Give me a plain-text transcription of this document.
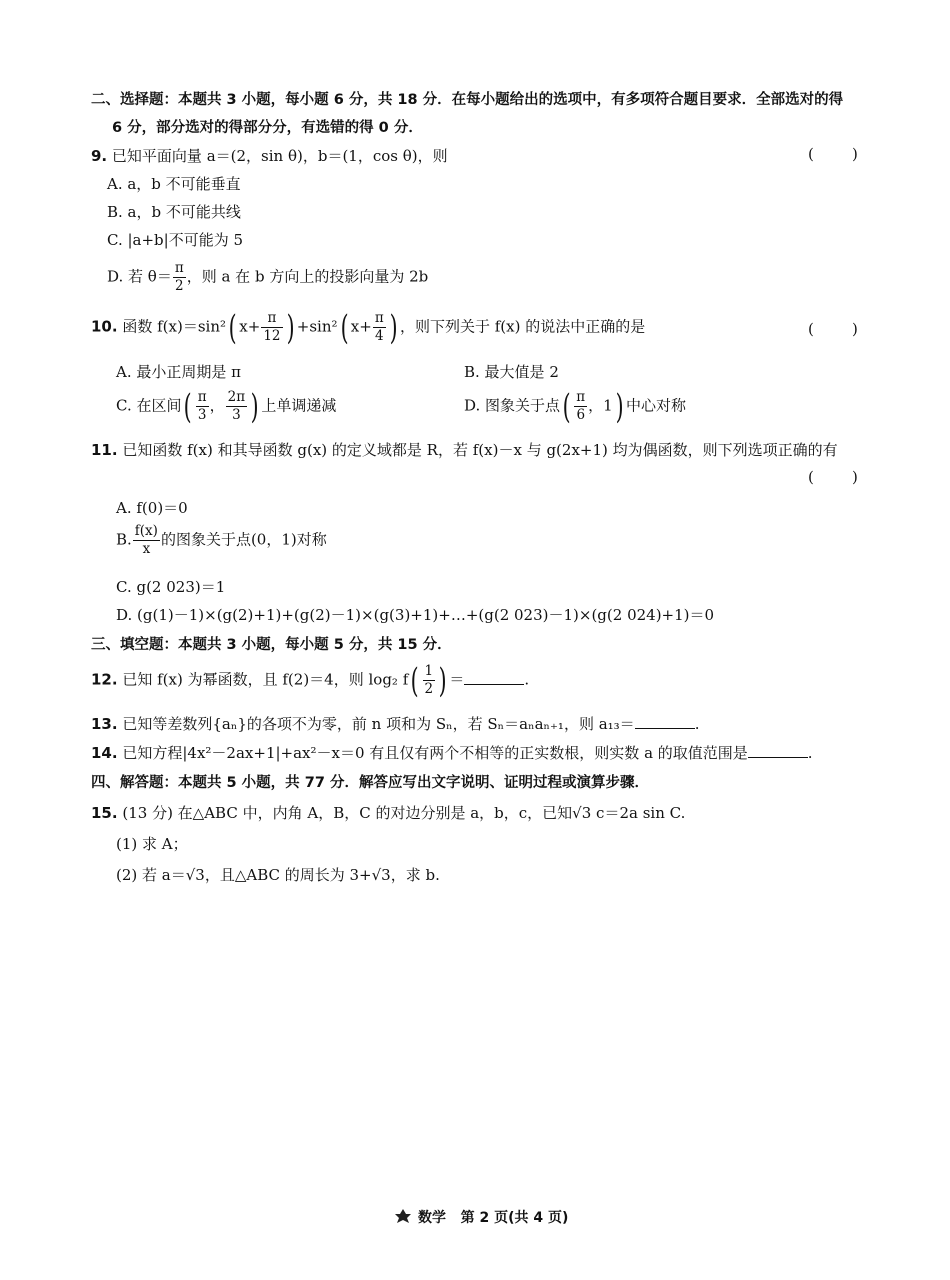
二、选择题：本题共 3 小题，每小题 6 分，共 18 分．在每小题给出的选项中，有多项符合题目要求．全部选对的得
6 分，部分选对的得部分分，有选错的得 0 分．
9. 已知平面向量 a＝(2，sin θ)，b＝(1，cos θ)，则	(        )
A. a，b 不可能垂直
B. a，b 不可能共线
C. |a+b|不可能为 5
D. 若 $\theta= \frac{\pi}{2}$ ，则 a 在 b 方向上的投影向量为 2b
10. 函数 f(x)＝sin²( $x+ \frac{\pi}{12}$ ) +sin²( $x+ \frac{\pi}{4}$ ) ，则下列关于 f(x) 的说法中正确的是	(        )
A. 最小正周期是 π	B. 最大值是 2
C. 在区间( $\frac{\pi}{3}$ ， $\frac{2\pi}{3}$ ) 上单调递减	D. 图象关于点( $\frac{\pi}{6}$ ，1) 中心对称
11. 已知函数 f(x) 和其导函数 g(x) 的定义域都是 R，若 f(x)－x 与 g(2x+1) 均为偶函数，则下列选项正确的有
(        )
A. f(0)＝0
B. $\frac{f(x)}{x}$ 的图象关于点(0，1)对称
C. g(2 023)＝1
D. (g(1)－1)×(g(2)+1)+(g(2)－1)×(g(3)+1)+…+(g(2 023)－1)×(g(2 024)+1)＝0
三、填空题：本题共 3 小题，每小题 5 分，共 15 分．
12. 已知 f(x) 为幂函数，且 f(2)＝4，则 log₂ $f( \frac{1}{2}$ ) ＝	.
13. 已知等差数列{aₙ}的各项不为零，前 n 项和为 Sₙ，若 Sₙ＝aₙaₙ₊₁，则 a₁₃＝	.
14. 已知方程|4x²－2ax+1|+ax²－x＝0 有且仅有两个不相等的正实数根，则实数 a 的取值范围是	.
四、解答题：本题共 5 小题，共 77 分．解答应写出文字说明、证明过程或演算步骤．
15. (13 分) 在△ABC 中，内角 A，B，C 的对边分别是 a，b，c，已知√3 c＝2a sin C.
(1) 求 A；
(2) 若 a＝√3，且△ABC 的周长为 3+√3，求 b.
数学 第 2 页(共 4 页)
